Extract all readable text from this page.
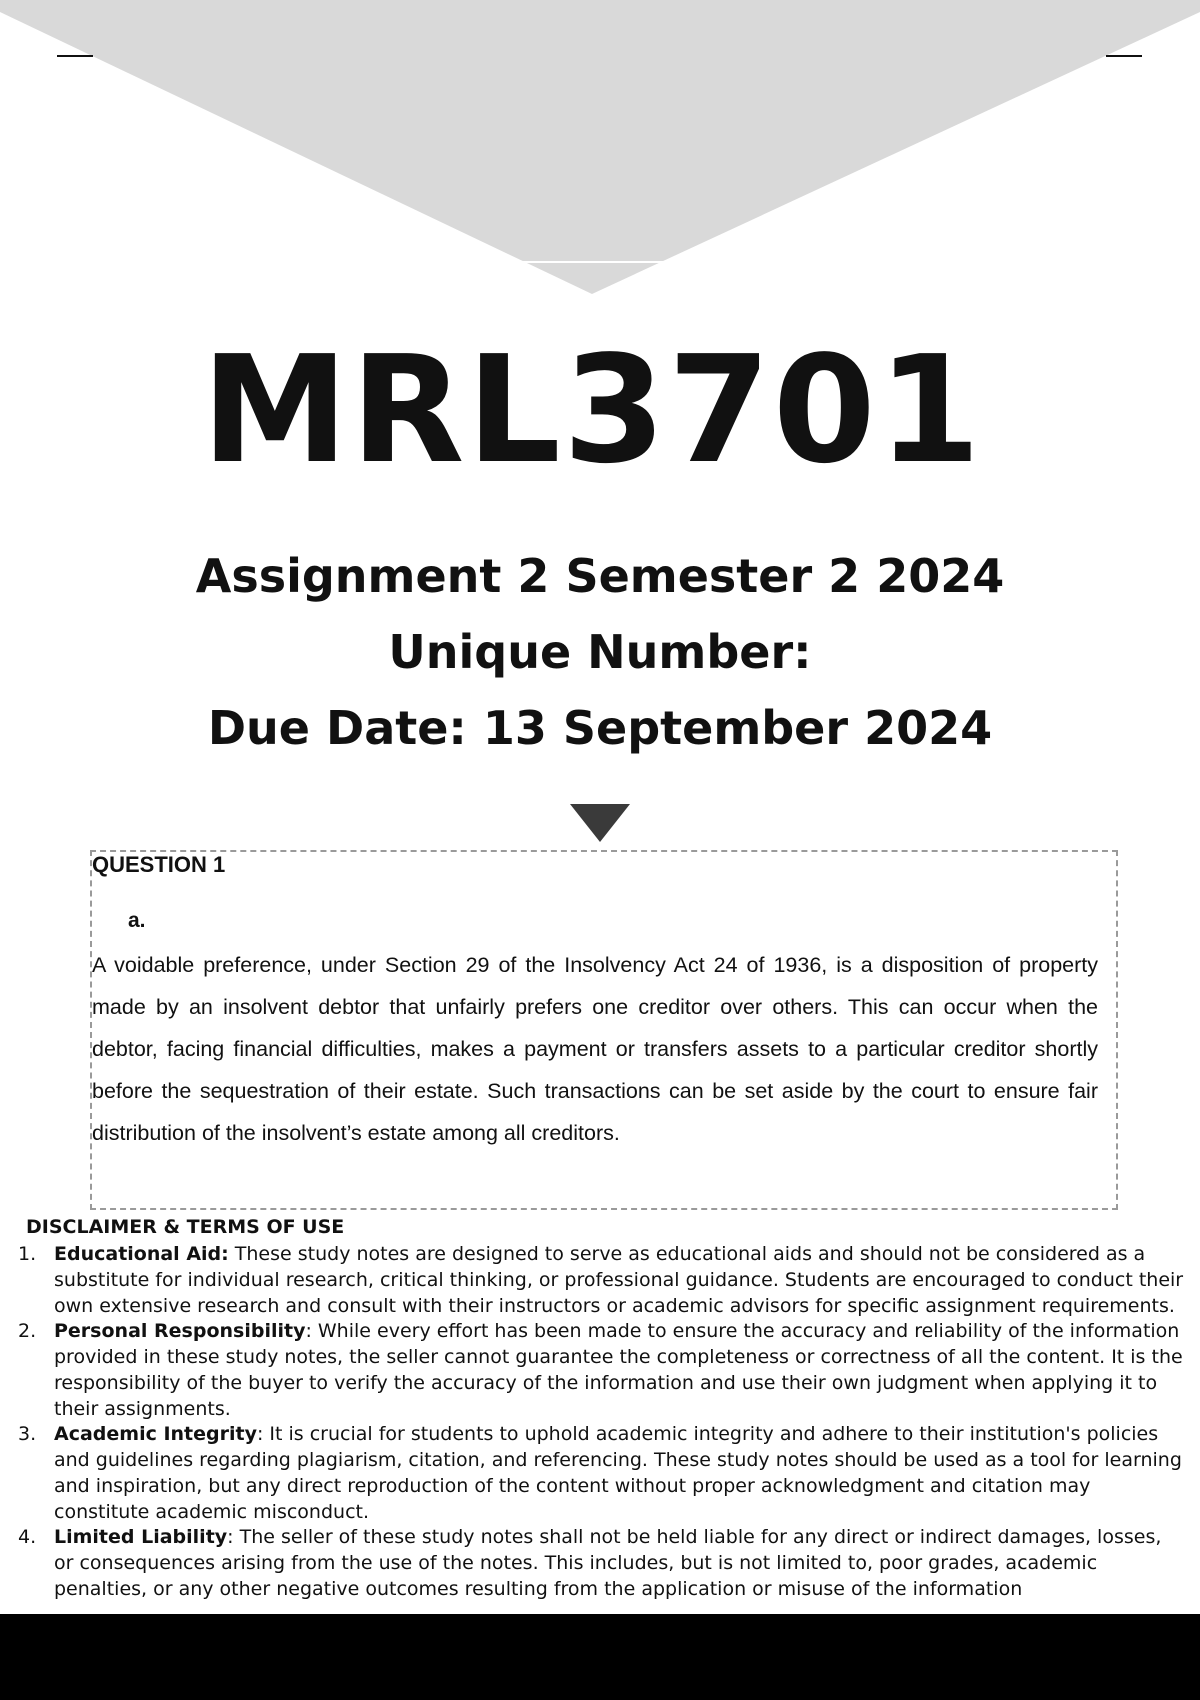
MRL3701
Assignment 2 Semester 2 2024
Unique Number:
Due Date: 13 September 2024
QUESTION 1
a.

A voidable preference, under Section 29 of the Insolvency Act 24 of 1936, is a disposition of property made by an insolvent debtor that unfairly prefers one creditor over others. This can occur when the debtor, facing financial difficulties, makes a payment or transfers assets to a particular creditor shortly before the sequestration of their estate. Such transactions can be set aside by the court to ensure fair distribution of the insolvent’s estate among all creditors.

DISCLAIMER & TERMS OF USE
1. Educational Aid: These study notes are designed to serve as educational aids and should not be considered as a substitute for individual research, critical thinking, or professional guidance. Students are encouraged to conduct their own extensive research and consult with their instructors or academic advisors for specific assignment requirements.
2. Personal Responsibility: While every effort has been made to ensure the accuracy and reliability of the information provided in these study notes, the seller cannot guarantee the completeness or correctness of all the content. It is the responsibility of the buyer to verify the accuracy of the information and use their own judgment when applying it to their assignments.
3. Academic Integrity: It is crucial for students to uphold academic integrity and adhere to their institution's policies and guidelines regarding plagiarism, citation, and referencing. These study notes should be used as a tool for learning and inspiration, but any direct reproduction of the content without proper acknowledgment and citation may constitute academic misconduct.
4. Limited Liability: The seller of these study notes shall not be held liable for any direct or indirect damages, losses, or consequences arising from the use of the notes. This includes, but is not limited to, poor grades, academic penalties, or any other negative outcomes resulting from the application or misuse of the information
